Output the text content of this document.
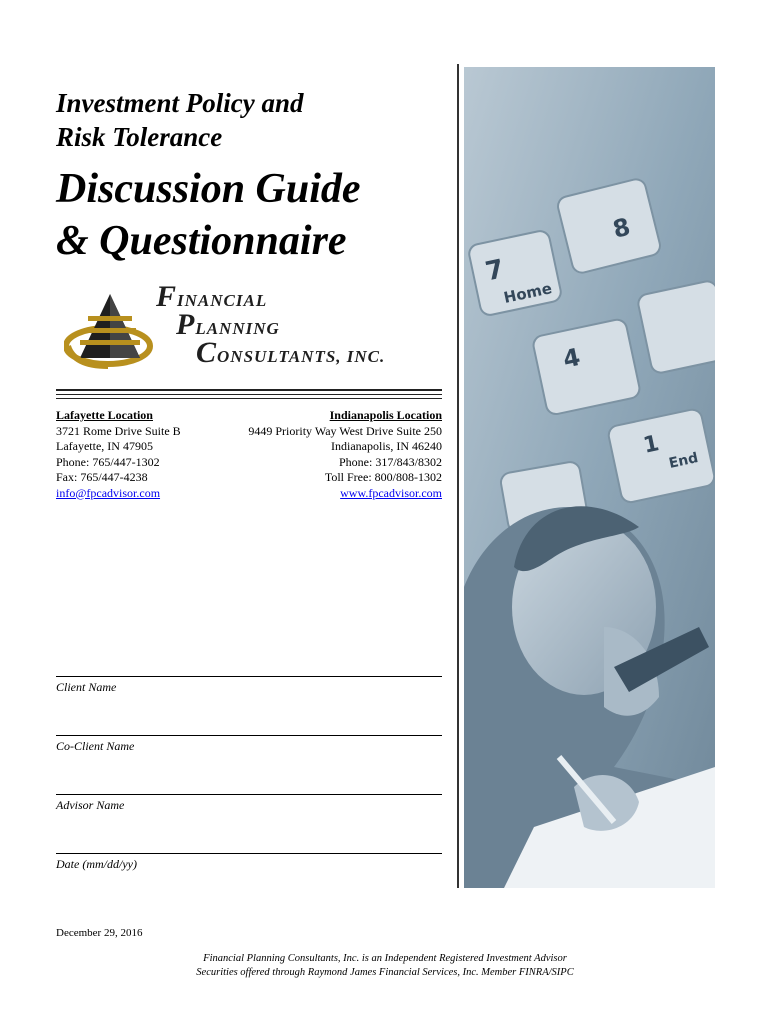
Investment Policy and
Risk Tolerance
Discussion Guide
& Questionnaire
FINANCIAL
PLANNING
CONSULTANTS, INC.
Lafayette Location
3721 Rome Drive Suite B
Lafayette, IN 47905
Phone: 765/447-1302
Fax: 765/447-4238
info@fpcadvisor.com
Indianapolis Location
9449 Priority Way West Drive Suite 250
Indianapolis, IN 46240
Phone: 317/843/8302
Toll Free: 800/808-1302
www.fpcadvisor.com
Client Name
Co-Client Name
Advisor Name
Date (mm/dd/yy)
7
Home
8
4
1
End
December 29, 2016
Financial Planning Consultants, Inc. is an Independent Registered Investment Advisor
Securities offered through Raymond James Financial Services, Inc. Member FINRA/SIPC
